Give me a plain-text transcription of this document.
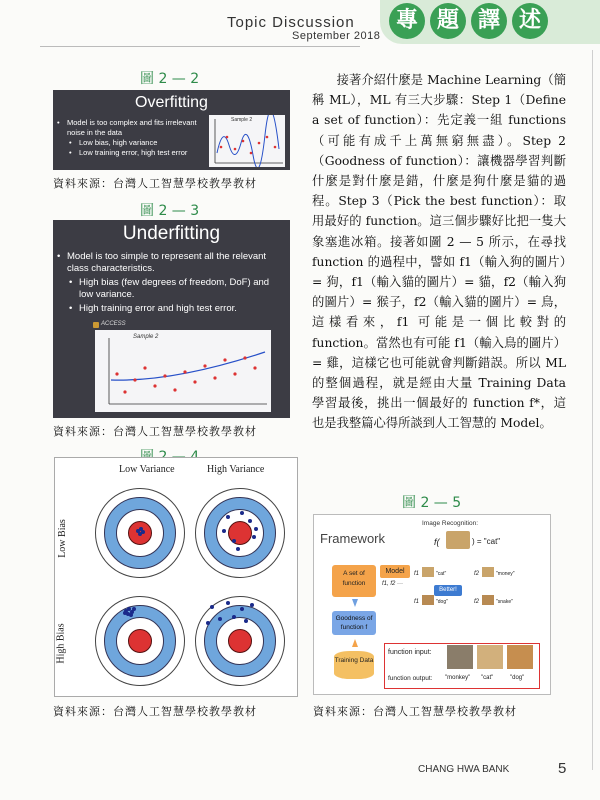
Topic Discussion
September 2018
專 題 譯 述
圖 2 — 2
Overfitting
• Model is too complex and fits irrelevant noise in the data
• Low bias, high variance
• Low training error, high test error
Sample 2
資料來源：台灣人工智慧學校教學教材
圖 2 — 3
Underfitting
• Model is too simple to represent all the relevant class characteristics.
• High bias (few degrees of freedom, DoF) and low variance.
• High training error and high test error.
ACCESS
Sample 2
資料來源：台灣人工智慧學校教學教材
Low Variance	High Variance
Low Bias
High Bias
資料來源：台灣人工智慧學校教學教材

接著介紹什麼是 Machine Learning（簡稱 ML），ML 有三大步驟：Step 1（Define a set of function）：先定義一組 functions（可能有成千上萬無窮無盡）。Step 2（Goodness of function）：讓機器學習判斷什麼是對什麼是錯，什麼是狗什麼是貓的過程。Step 3（Pick the best function）：取用最好的 function。這三個步驟好比把一隻大象塞進冰箱。接著如圖 2 — 5 所示，在尋找 function 的過程中，譬如 f1（輸入狗的圖片）= 狗，f1（輸入貓的圖片）= 貓，f2（輸入狗的圖片）= 猴子，f2（輸入貓的圖片）= 鳥，這樣看來，f1 可能是一個比較對的 function。當然也有可能 f1（輸入鳥的圖片）= 雞，這樣它也可能就會判斷錯誤。所以 ML 的整個過程，就是經由大量 Training Data 學習最後，挑出一個最好的 function f*，這也是我整篇心得所談到人工智慧的 Model。

圖 2 — 5
Framework
Image Recognition:
f(	) = "cat"
A set of function
Model
f1, f2 ···
Better!
f1	"cat"
f1	"dog"
f2	"money"
f2	"snake"
Goodness of function f
Training Data
function input:
function output: "monkey" "cat"	"dog"
資料來源：台灣人工智慧學校教學教材
CHANG HWA BANK	5
